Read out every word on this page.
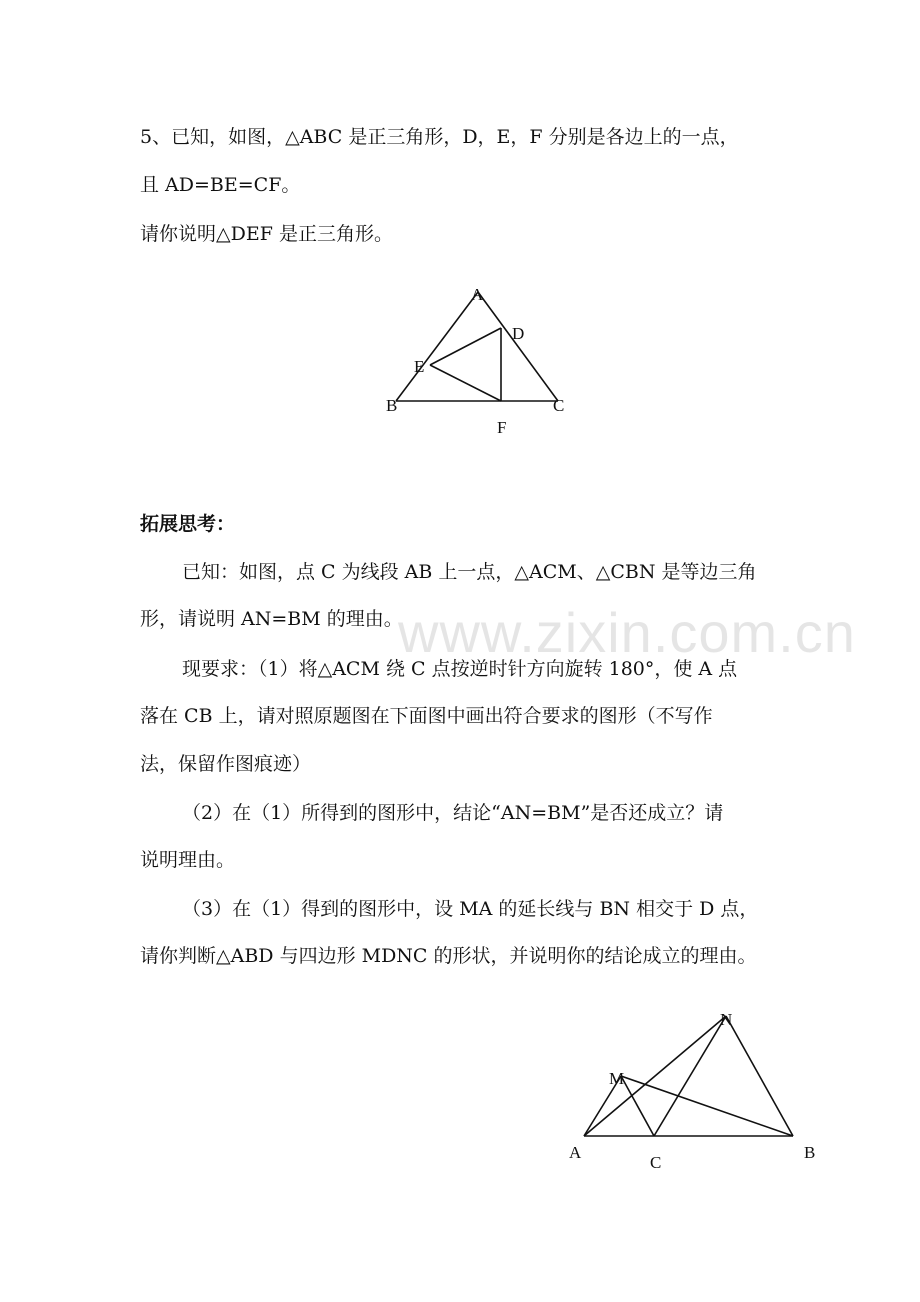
5、已知，如图，△ABC 是正三角形，D，E，F 分别是各边上的一点，
且 AD=BE=CF。
请你说明△DEF 是正三角形。
A
D
E
B	C
F
拓展思考：
已知：如图，点 C 为线段 AB 上一点，△ACM、△CBN 是等边三角
形，请说明 AN=BM 的理由。
现要求：（1）将△ACM 绕 C 点按逆时针方向旋转 180°，使 A 点
落在 CB 上，请对照原题图在下面图中画出符合要求的图形（不写作
法，保留作图痕迹）
（2）在（1）所得到的图形中，结论“AN=BM”是否还成立？请
说明理由。
（3）在（1）得到的图形中，设 MA 的延长线与 BN 相交于 D 点，
请你判断△ABD 与四边形 MDNC 的形状，并说明你的结论成立的理由。
www.zixin.com.cn
N
M
A
C
B
